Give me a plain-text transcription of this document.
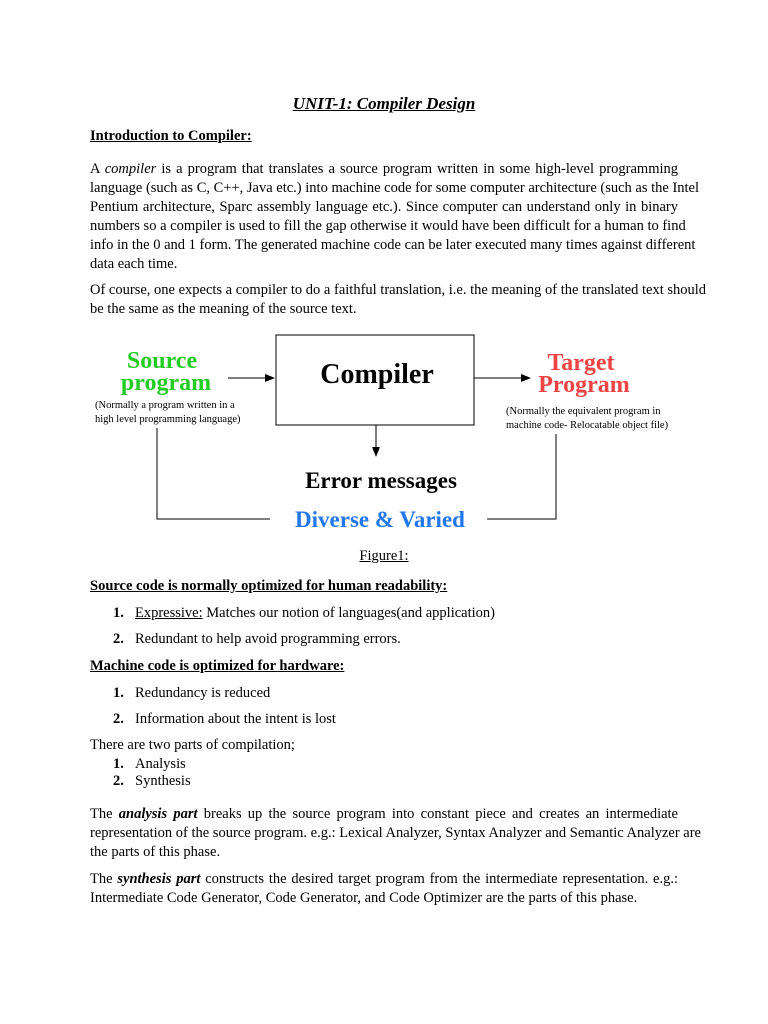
UNIT-1: Compiler Design
Introduction to Compiler:
A compiler is a program that translates a source program written in some high-level programming
language (such as C, C++, Java etc.) into machine code for some computer architecture (such as the Intel
Pentium architecture, Sparc assembly language etc.). Since computer can understand only in binary
numbers so a compiler is used to fill the gap otherwise it would have been difficult for a human to find
info in the 0 and 1 form. The generated machine code can be later executed many times against different
data each time.
Of course, one expects a compiler to do a faithful translation, i.e. the meaning of the translated text should
be the same as the meaning of the source text.
Source
program
(Normally a program written in a
high level programming language)
Compiler	Target
Program
(Normally the equivalent program in
machine code- Relocatable object file)
Error messages
Diverse & Varied
Figure1:
Source code is normally optimized for human readability:
1. Expressive: Matches our notion of languages(and application)
2. Redundant to help avoid programming errors.
Machine code is optimized for hardware:
1. Redundancy is reduced
2. Information about the intent is lost
There are two parts of compilation;
1. Analysis
2. Synthesis
The analysis part breaks up the source program into constant piece and creates an intermediate
representation of the source program. e.g.: Lexical Analyzer, Syntax Analyzer and Semantic Analyzer are
the parts of this phase.
The synthesis part constructs the desired target program from the intermediate representation. e.g.:
Intermediate Code Generator, Code Generator, and Code Optimizer are the parts of this phase.
